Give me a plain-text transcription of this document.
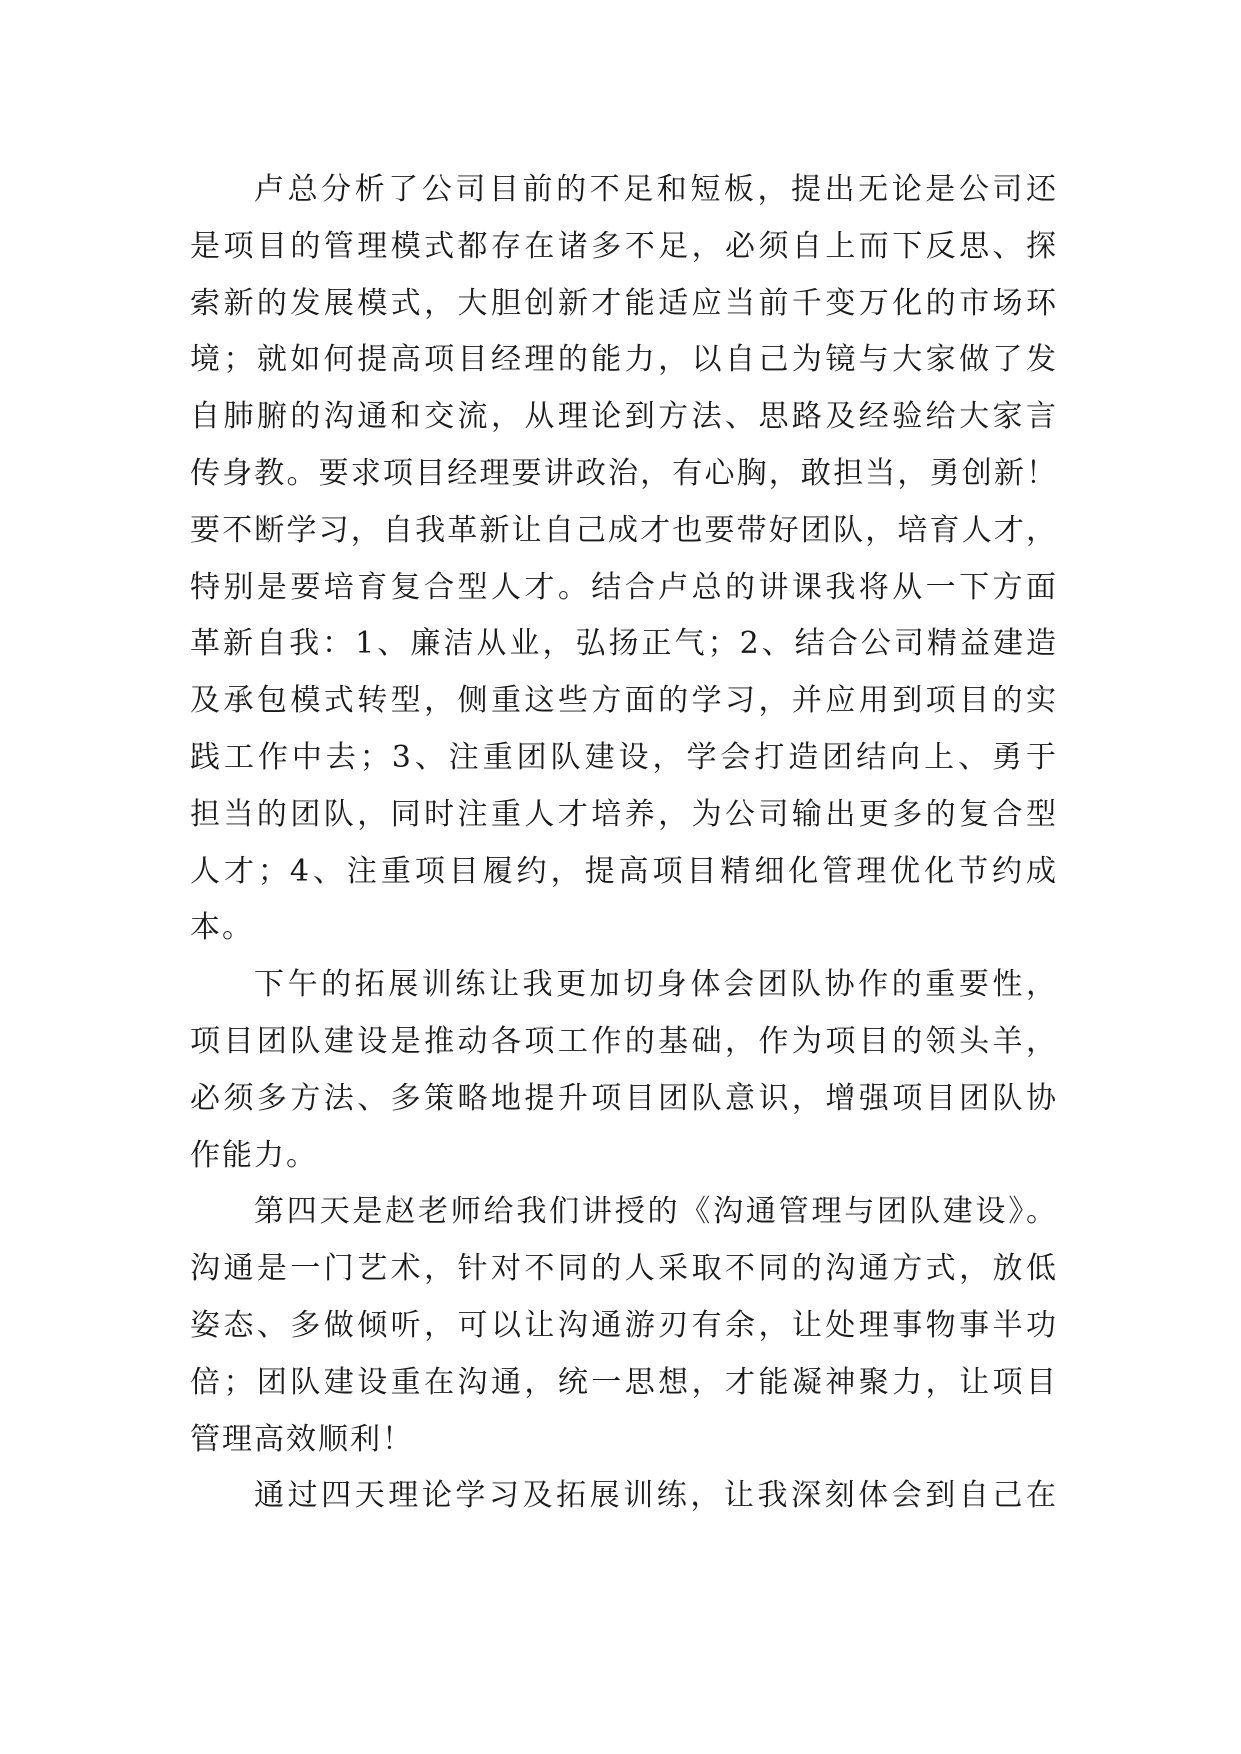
卢总分析了公司目前的不足和短板，提出无论是公司还
是项目的管理模式都存在诸多不足，必须自上而下反思、探
索新的发展模式，大胆创新才能适应当前千变万化的市场环
境；就如何提高项目经理的能力，以自己为镜与大家做了发
自肺腑的沟通和交流，从理论到方法、思路及经验给大家言
传身教。要求项目经理要讲政治，有心胸，敢担当，勇创新！
要不断学习，自我革新让自己成才也要带好团队，培育人才，
特别是要培育复合型人才。结合卢总的讲课我将从一下方面
革新自我：1、廉洁从业，弘扬正气；2、结合公司精益建造
及承包模式转型，侧重这些方面的学习，并应用到项目的实
践工作中去；3、注重团队建设，学会打造团结向上、勇于
担当的团队，同时注重人才培养，为公司输出更多的复合型
人才；4、注重项目履约，提高项目精细化管理优化节约成
本。
下午的拓展训练让我更加切身体会团队协作的重要性，
项目团队建设是推动各项工作的基础，作为项目的领头羊，
必须多方法、多策略地提升项目团队意识，增强项目团队协
作能力。
第四天是赵老师给我们讲授的《沟通管理与团队建设》。
沟通是一门艺术，针对不同的人采取不同的沟通方式，放低
姿态、多做倾听，可以让沟通游刃有余，让处理事物事半功
倍；团队建设重在沟通，统一思想，才能凝神聚力，让项目
管理高效顺利！
通过四天理论学习及拓展训练，让我深刻体会到自己在
